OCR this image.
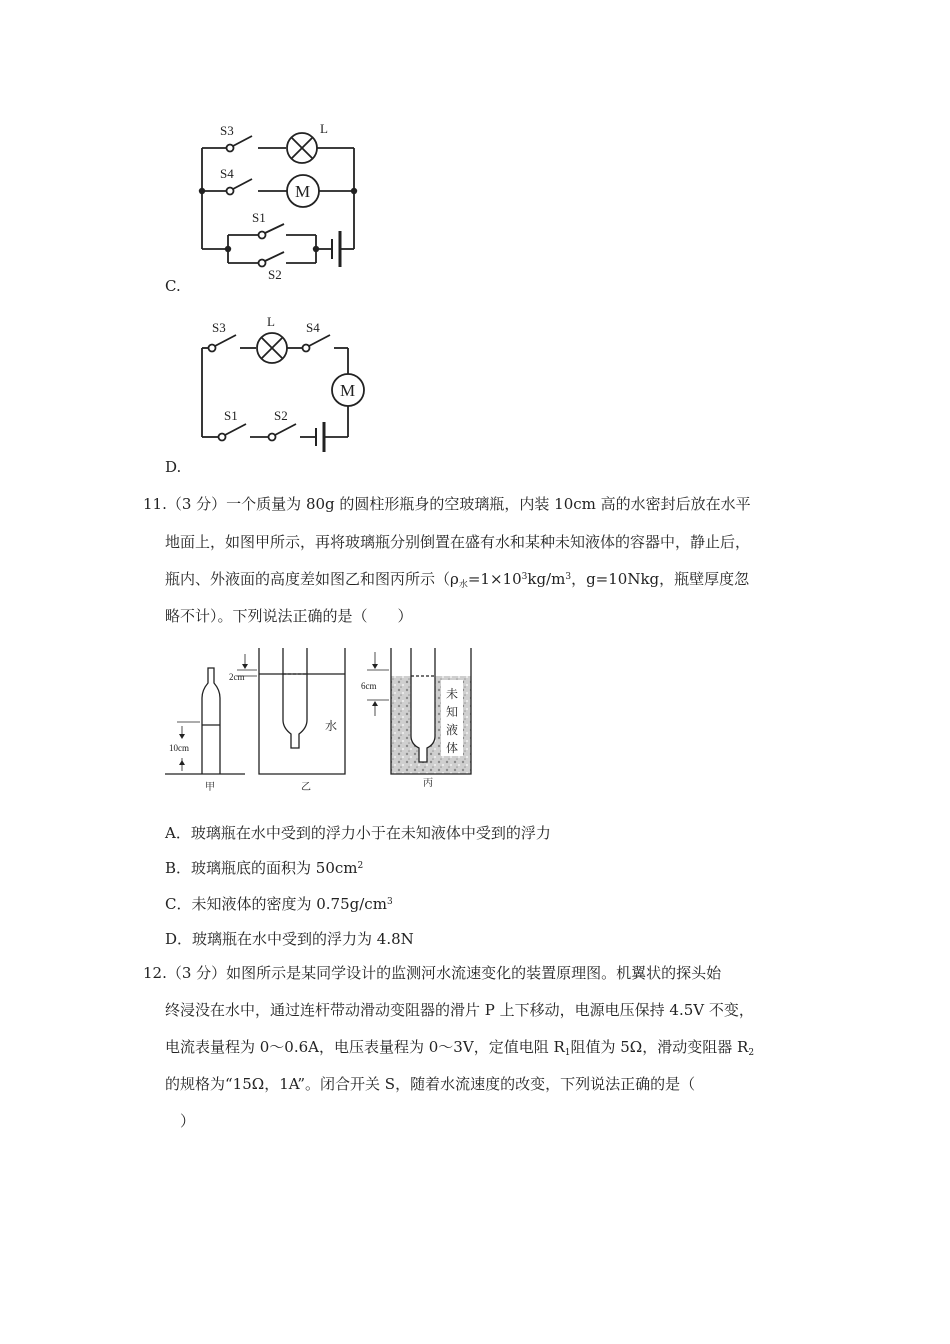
S3	L
S4
M
S1
S2
C.
S3	L S4
M
S1	S2
D.
11.（3 分）一个质量为 80g 的圆柱形瓶身的空玻璃瓶，内装 10cm 高的水密封后放在水平
地面上，如图甲所示，再将玻璃瓶分别倒置在盛有水和某种未知液体的容器中，静止后，
瓶内、外液面的高度差如图乙和图丙所示（$\rho_水=1\times 10^3kg/m^3$，g=10Nkg，瓶壁厚度忽
略不计）。下列说法正确的是（　　）
10cm
2cm
水
6cm
未
知
液
体
甲	乙	丙
A．玻璃瓶在水中受到的浮力小于在未知液体中受到的浮力
B．玻璃瓶底的面积为 $50cm^2$
C．未知液体的密度为 $0.75g/cm^3$
D．玻璃瓶在水中受到的浮力为 4.8N
12.（3 分）如图所示是某同学设计的监测河水流速变化的装置原理图。机翼状的探头始
终浸没在水中，通过连杆带动滑动变阻器的滑片 P 上下移动，电源电压保持 4.5V 不变，
电流表量程为 0～0.6A，电压表量程为 0～3V，定值电阻 $R_1$阻值为 5Ω，滑动变阻器 $R_2$
的规格为“15Ω，1A”。闭合开关 S，随着水流速度的改变，下列说法正确的是（
）
